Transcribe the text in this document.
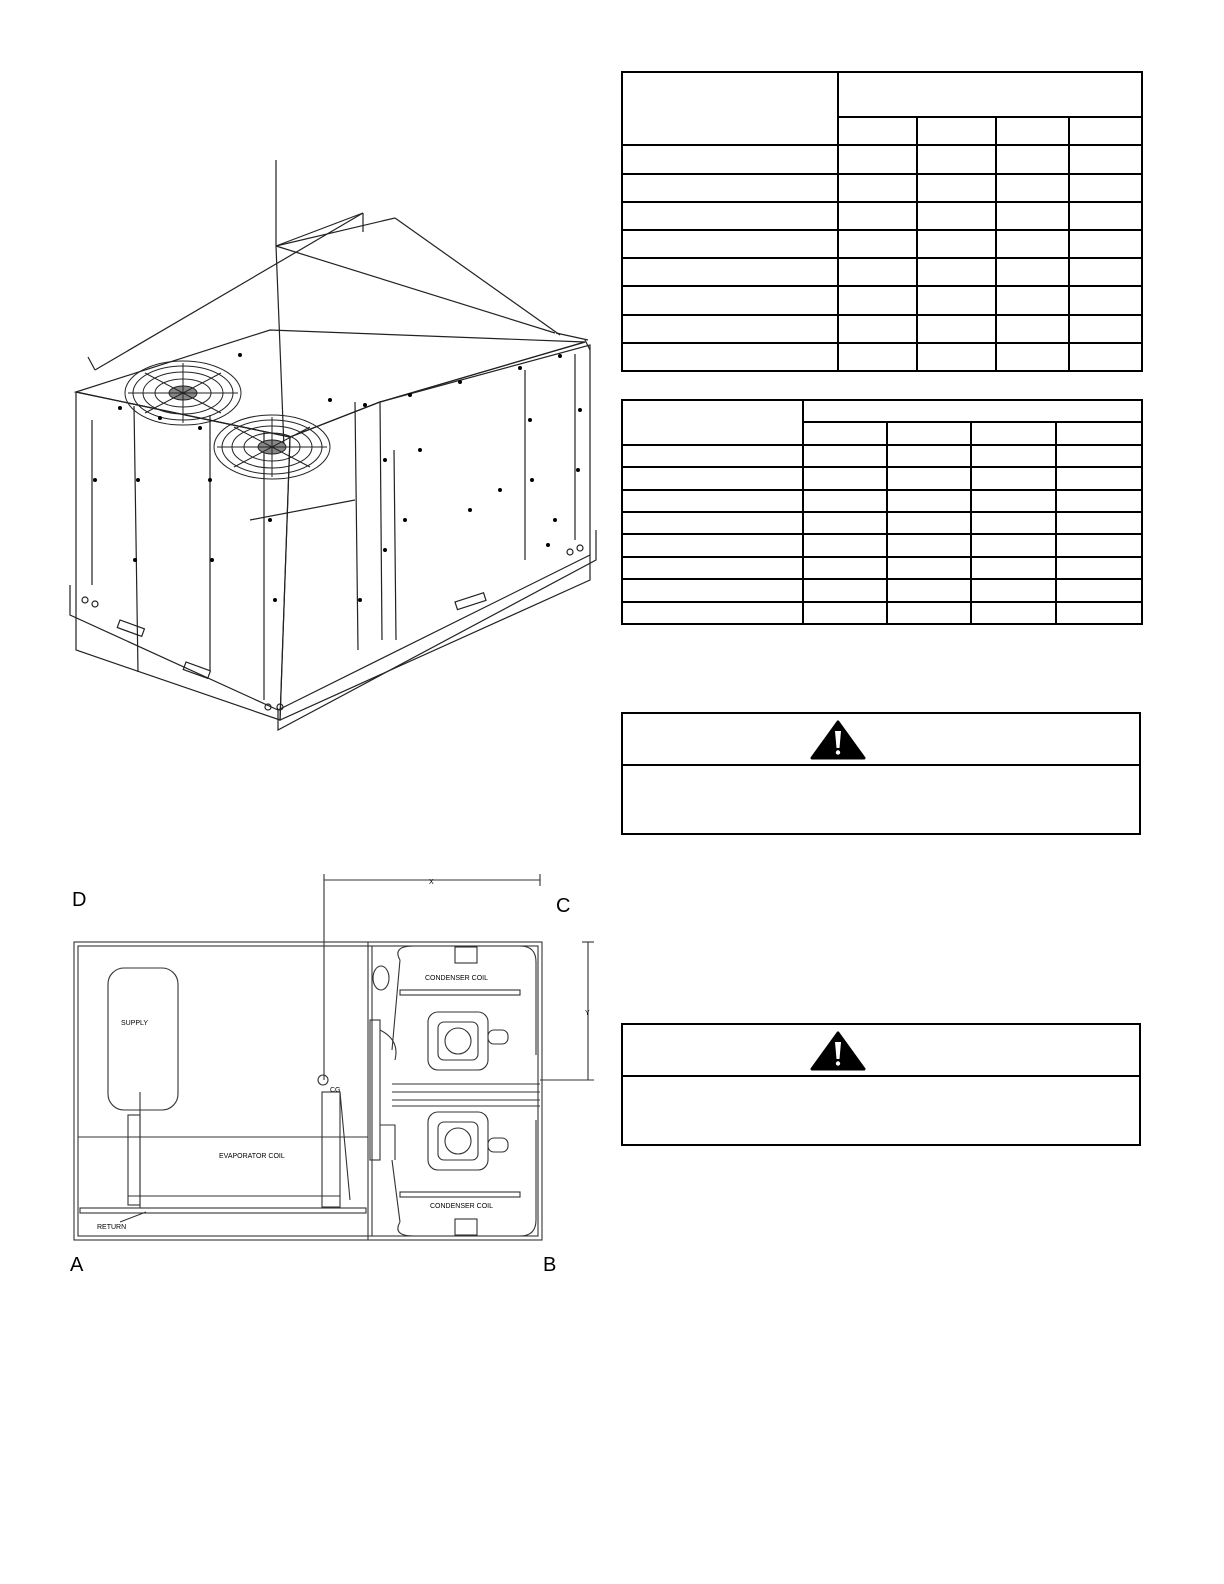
D	C
A	B
SUPPLY
RETURN
EVAPORATOR COIL
CONDENSER COIL
CONDENSER COIL
CG
X
Y
